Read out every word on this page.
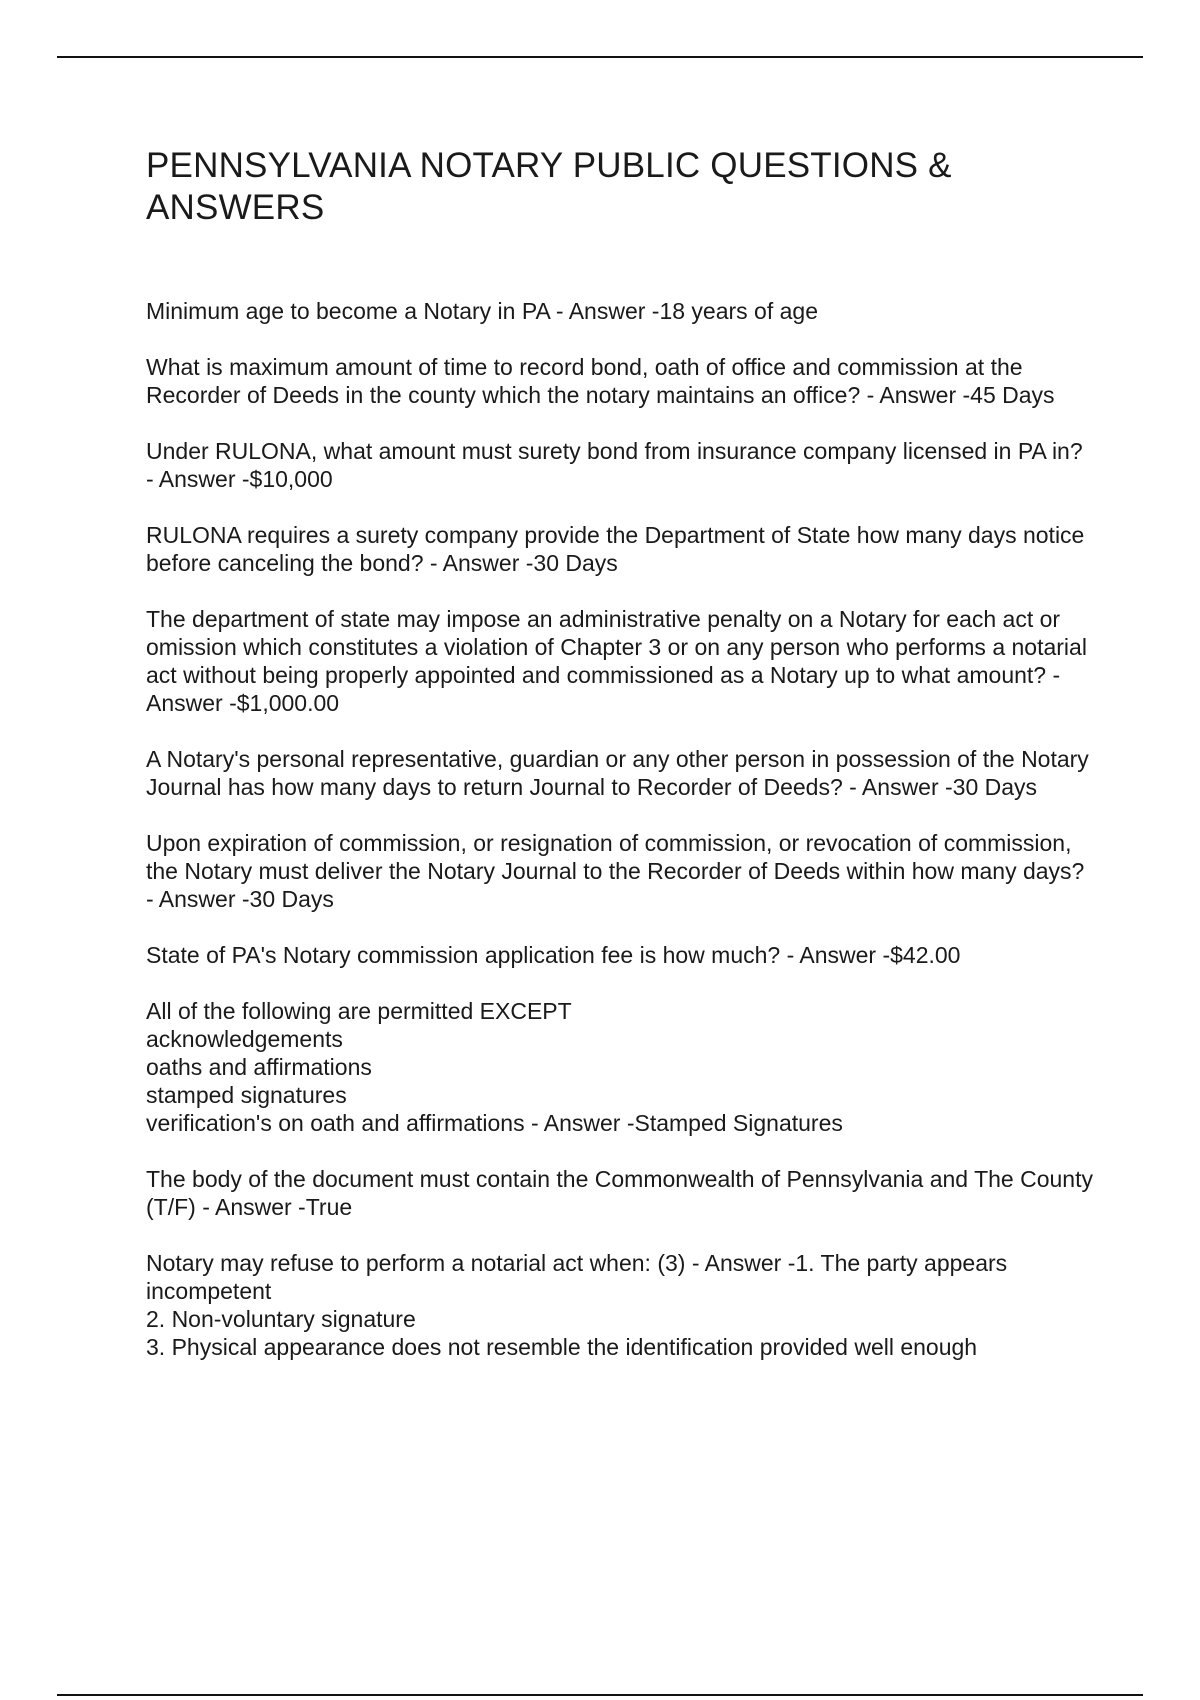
PENNSYLVANIA NOTARY PUBLIC QUESTIONS & ANSWERS

Minimum age to become a Notary in PA - Answer -18 years of age

What is maximum amount of time to record bond, oath of office and commission at the Recorder of Deeds in the county which the notary maintains an office? - Answer -45 Days

Under RULONA, what amount must surety bond from insurance company licensed in PA in? - Answer -$10,000

RULONA requires a surety company provide the Department of State how many days notice before canceling the bond? - Answer -30 Days

The department of state may impose an administrative penalty on a Notary for each act or omission which constitutes a violation of Chapter 3 or on any person who performs a notarial act without being properly appointed and commissioned as a Notary up to what amount? - Answer -$1,000.00

A Notary's personal representative, guardian or any other person in possession of the Notary Journal has how many days to return Journal to Recorder of Deeds? - Answer -30 Days

Upon expiration of commission, or resignation of commission, or revocation of commission, the Notary must deliver the Notary Journal to the Recorder of Deeds within how many days? - Answer -30 Days

State of PA's Notary commission application fee is how much? - Answer -$42.00

All of the following are permitted EXCEPT
acknowledgements
oaths and affirmations
stamped signatures
verification's on oath and affirmations - Answer -Stamped Signatures

The body of the document must contain the Commonwealth of Pennsylvania and The County (T/F) - Answer -True

Notary may refuse to perform a notarial act when: (3) - Answer -1. The party appears incompetent
2. Non-voluntary signature
3. Physical appearance does not resemble the identification provided well enough
